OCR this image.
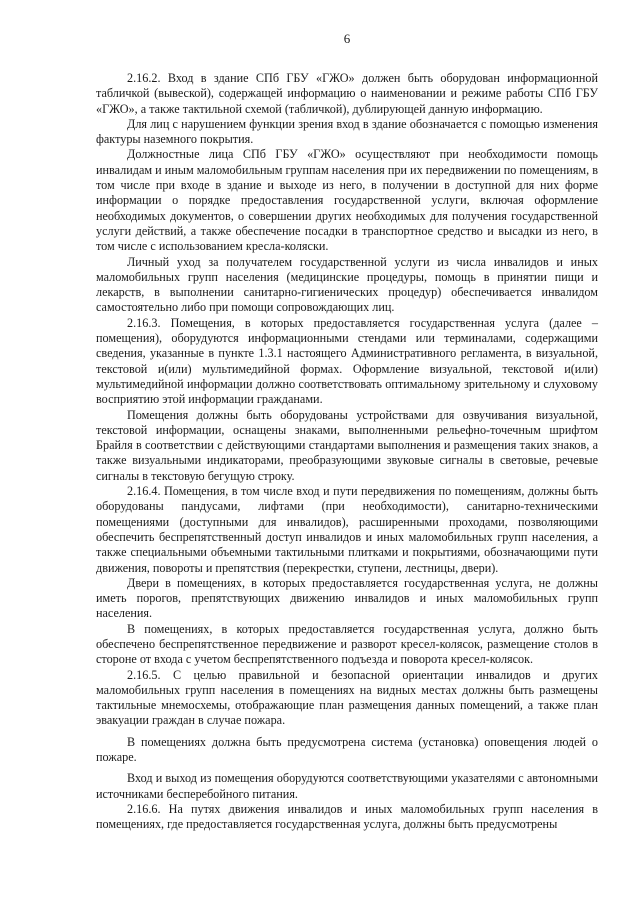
6

2.16.2. Вход в здание СПб ГБУ «ГЖО» должен быть оборудован информационной табличкой (вывеской), содержащей информацию о наименовании и режиме работы СПб ГБУ «ГЖО», а также тактильной схемой (табличкой), дублирующей данную информацию.

Для лиц с нарушением функции зрения вход в здание обозначается с помощью изменения фактуры наземного покрытия.

Должностные лица СПб ГБУ «ГЖО» осуществляют при необходимости помощь инвалидам и иным маломобильным группам населения при их передвижении по помещениям, в том числе при входе в здание и выходе из него, в получении в доступной для них форме информации о порядке предоставления государственной услуги, включая оформление необходимых документов, о совершении других необходимых для получения государственной услуги действий, а также обеспечение посадки в транспортное средство и высадки из него, в том числе с использованием кресла-коляски.

Личный уход за получателем государственной услуги из числа инвалидов и иных маломобильных групп населения (медицинские процедуры, помощь в принятии пищи и лекарств, в выполнении санитарно-гигиенических процедур) обеспечивается инвалидом самостоятельно либо при помощи сопровождающих лиц.

2.16.3. Помещения, в которых предоставляется государственная услуга (далее – помещения), оборудуются информационными стендами или терминалами, содержащими сведения, указанные в пункте 1.3.1 настоящего Административного регламента, в визуальной, текстовой и(или) мультимедийной формах. Оформление визуальной, текстовой и(или) мультимедийной информации должно соответствовать оптимальному зрительному и слуховому восприятию этой информации гражданами.

Помещения должны быть оборудованы устройствами для озвучивания визуальной, текстовой информации, оснащены знаками, выполненными рельефно-точечным шрифтом Брайля в соответствии с действующими стандартами выполнения и размещения таких знаков, а также визуальными индикаторами, преобразующими звуковые сигналы в световые, речевые сигналы в текстовую бегущую строку.

2.16.4. Помещения, в том числе вход и пути передвижения по помещениям, должны быть оборудованы пандусами, лифтами (при необходимости), санитарно-техническими помещениями (доступными для инвалидов), расширенными проходами, позволяющими обеспечить беспрепятственный доступ инвалидов и иных маломобильных групп населения, а также специальными объемными тактильными плитками и покрытиями, обозначающими пути движения, повороты и препятствия (перекрестки, ступени, лестницы, двери).

Двери в помещениях, в которых предоставляется государственная услуга, не должны иметь порогов, препятствующих движению инвалидов и иных маломобильных групп населения.

В помещениях, в которых предоставляется государственная услуга, должно быть обеспечено беспрепятственное передвижение и разворот кресел-колясок, размещение столов в стороне от входа с учетом беспрепятственного подъезда и поворота кресел-колясок.

2.16.5. С целью правильной и безопасной ориентации инвалидов и других маломобильных групп населения в помещениях на видных местах должны быть размещены тактильные мнемосхемы, отображающие план размещения данных помещений, а также план эвакуации граждан в случае пожара.

В помещениях должна быть предусмотрена система (установка) оповещения людей о пожаре.

Вход и выход из помещения оборудуются соответствующими указателями с автономными источниками бесперебойного питания.

2.16.6. На путях движения инвалидов и иных маломобильных групп населения в помещениях, где предоставляется государственная услуга, должны быть предусмотрены
